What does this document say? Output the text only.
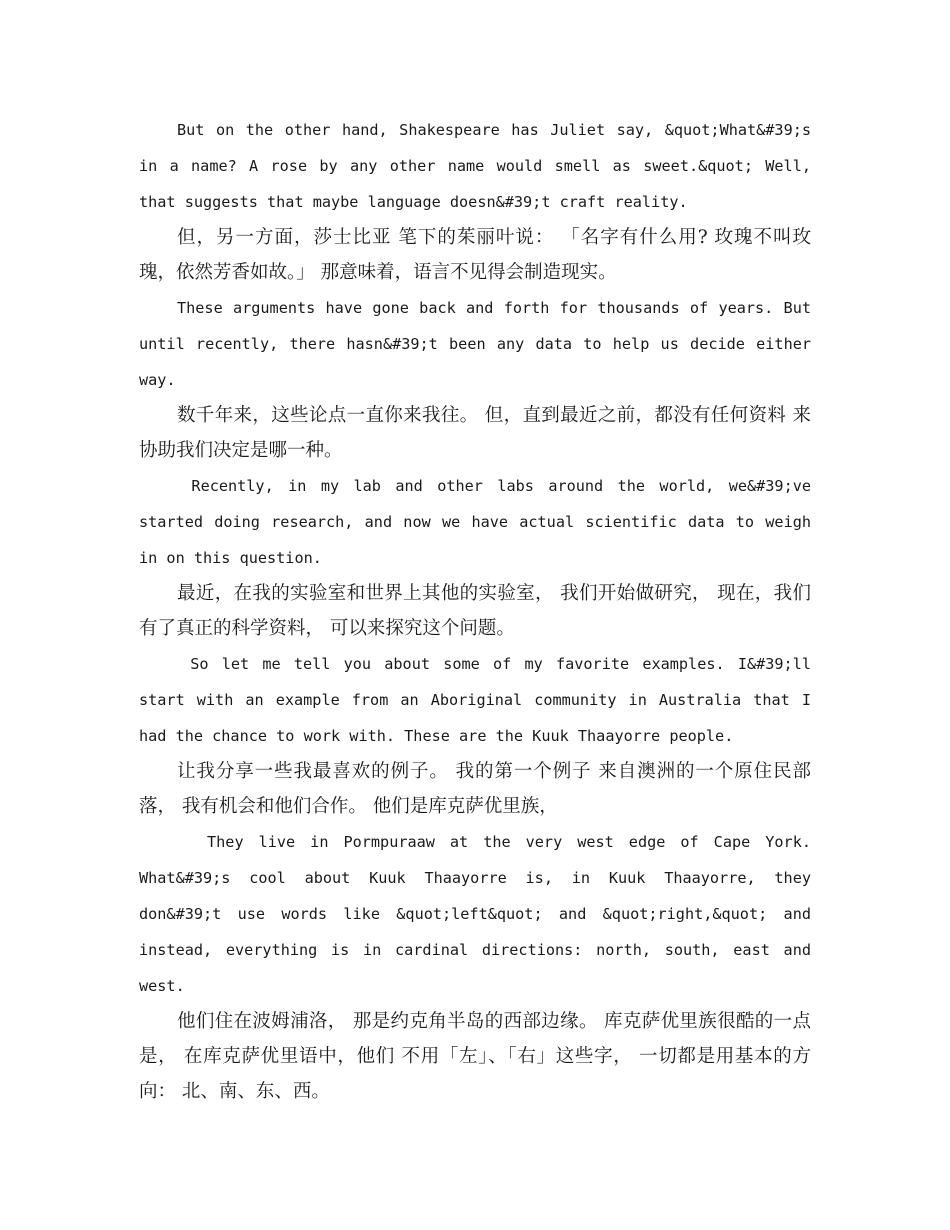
But on the other hand, Shakespeare has Juliet say, &quot;What&#39;s in a name? A rose by any other name would smell as sweet.&quot; Well, that suggests that maybe language doesn&#39;t craft reality.

但，另一方面，莎士比亚 笔下的茱丽叶说： 「名字有什么用? 玫瑰不叫玫瑰，依然芳香如故。」 那意味着，语言不见得会制造现实。

These arguments have gone back and forth for thousands of years. But until recently, there hasn&#39;t been any data to help us decide either way.

数千年来，这些论点一直你来我往。 但，直到最近之前，都没有任何资料 来协助我们决定是哪一种。

Recently, in my lab and other labs around the world, we&#39;ve started doing research, and now we have actual scientific data to weigh in on this question.

最近，在我的实验室和世界上其他的实验室， 我们开始做研究， 现在，我们有了真正的科学资料， 可以来探究这个问题。

So let me tell you about some of my favorite examples. I&#39;ll start with an example from an Aboriginal community in Australia that I had the chance to work with. These are the Kuuk Thaayorre people.

让我分享一些我最喜欢的例子。 我的第一个例子 来自澳洲的一个原住民部落， 我有机会和他们合作。 他们是库克萨优里族，

They live in Pormpuraaw at the very west edge of Cape York. What&#39;s cool about Kuuk Thaayorre is, in Kuuk Thaayorre, they don&#39;t use words like &quot;left&quot; and &quot;right,&quot; and instead, everything is in cardinal directions: north, south, east and west.

他们住在波姆浦洛， 那是约克角半岛的西部边缘。 库克萨优里族很酷的一点是， 在库克萨优里语中，他们 不用「左」、「右」这些字， 一切都是用基本的方向： 北、南、东、西。
